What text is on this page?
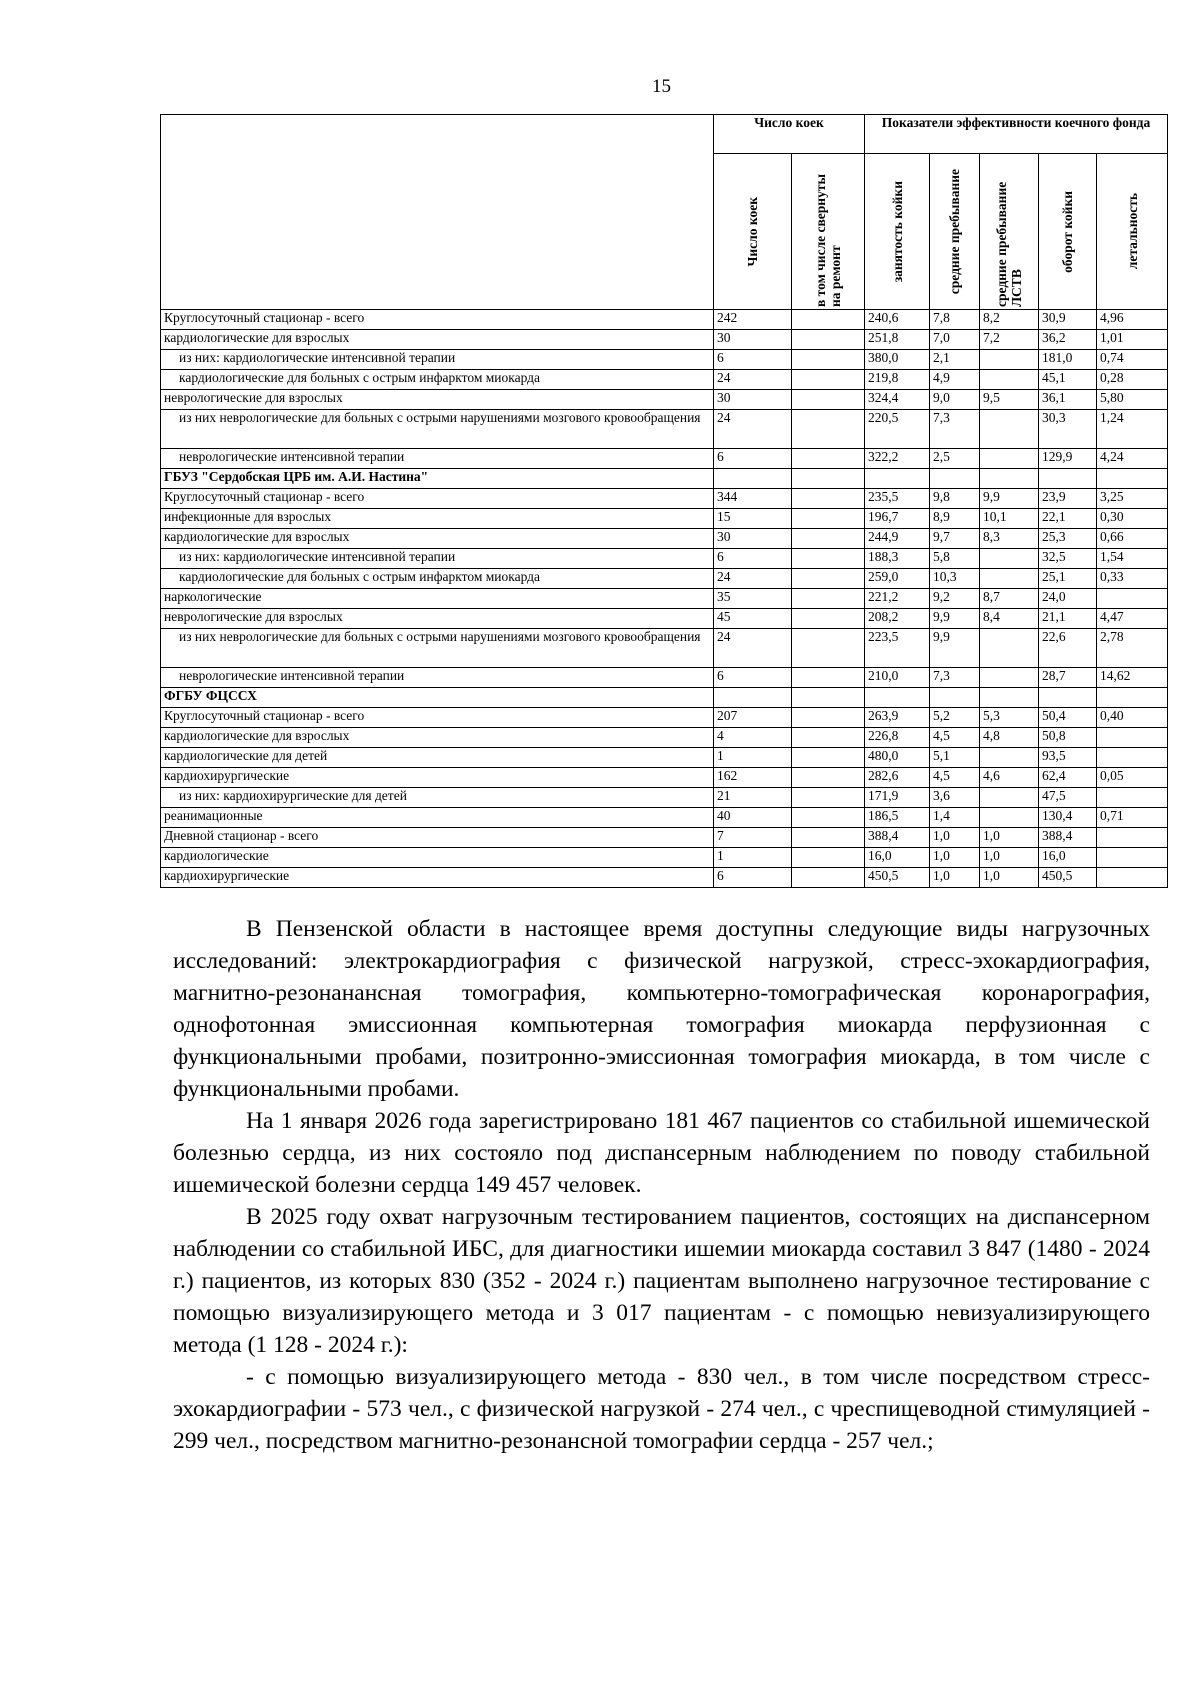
15
	Число коек		Показатели эффективности коечного фонда				

	Число коек	в том числе свернуты на ремонт	занятость койки	средние пребывание	средние пребывание ЛСТВ	оборот койки	летальность

Круглосуточный стационар - всего	242		240,6	7,8	8,2	30,9	4,96
кардиологические для взрослых	30		251,8	7,0	7,2	36,2	1,01
из них: кардиологические интенсивной терапии	6		380,0	2,1		181,0	0,74
кардиологические для больных с острым инфарктом миокарда	24		219,8	4,9		45,1	0,28
неврологические для взрослых	30		324,4	9,0	9,5	36,1	5,80
из них неврологические для больных с острыми нарушениями мозгового кровообращения	24		220,5	7,3		30,3	1,24
неврологические интенсивной терапии	6		322,2	2,5		129,9	4,24
ГБУЗ "Сердобская ЦРБ им. А.И. Настина"							
Круглосуточный стационар - всего	344		235,5	9,8	9,9	23,9	3,25
инфекционные для взрослых	15		196,7	8,9	10,1	22,1	0,30
кардиологические для взрослых	30		244,9	9,7	8,3	25,3	0,66
из них: кардиологические интенсивной терапии	6		188,3	5,8		32,5	1,54
кардиологические для больных с острым инфарктом миокарда	24		259,0	10,3		25,1	0,33
наркологические	35		221,2	9,2	8,7	24,0	
неврологические для взрослых	45		208,2	9,9	8,4	21,1	4,47
из них неврологические для больных с острыми нарушениями мозгового кровообращения	24		223,5	9,9		22,6	2,78
неврологические интенсивной терапии	6		210,0	7,3		28,7	14,62
ФГБУ ФЦССХ							
Круглосуточный стационар - всего	207		263,9	5,2	5,3	50,4	0,40
кардиологические для взрослых	4		226,8	4,5	4,8	50,8	
кардиологические для детей	1		480,0	5,1		93,5	
кардиохирургические	162		282,6	4,5	4,6	62,4	0,05
из них: кардиохирургические для детей	21		171,9	3,6		47,5	
реанимационные	40		186,5	1,4		130,4	0,71
Дневной стационар - всего	7		388,4	1,0	1,0	388,4	
кардиологические	1		16,0	1,0	1,0	16,0	
кардиохирургические	6		450,5	1,0	1,0	450,5	

В Пензенской области в настоящее время доступны следующие виды нагрузочных исследований: электрокардиография с физической нагрузкой, стресс-эхокардиография, магнитно-резонанансная томография, компьютерно-томографическая коронарография, однофотонная эмиссионная компьютерная томография миокарда перфузионная с функциональными пробами, позитронно-эмиссионная томография миокарда, в том числе с функциональными пробами.

На 1 января 2026 года зарегистрировано 181 467 пациентов со стабильной ишемической болезнью сердца, из них состояло под диспансерным наблюдением по поводу стабильной ишемической болезни сердца 149 457 человек.

В 2025 году охват нагрузочным тестированием пациентов, состоящих на диспансерном наблюдении со стабильной ИБС, для диагностики ишемии миокарда составил 3 847 (1480 - 2024 г.) пациентов, из которых 830 (352 - 2024 г.) пациентам выполнено нагрузочное тестирование с помощью визуализирующего метода и 3 017 пациентам - с помощью невизуализирующего метода (1 128 - 2024 г.):

- с помощью визуализирующего метода - 830 чел., в том числе посредством стресс-эхокардиографии - 573 чел., с физической нагрузкой - 274 чел., с чреспищеводной стимуляцией - 299 чел., посредством магнитно-резонансной томографии сердца - 257 чел.;
